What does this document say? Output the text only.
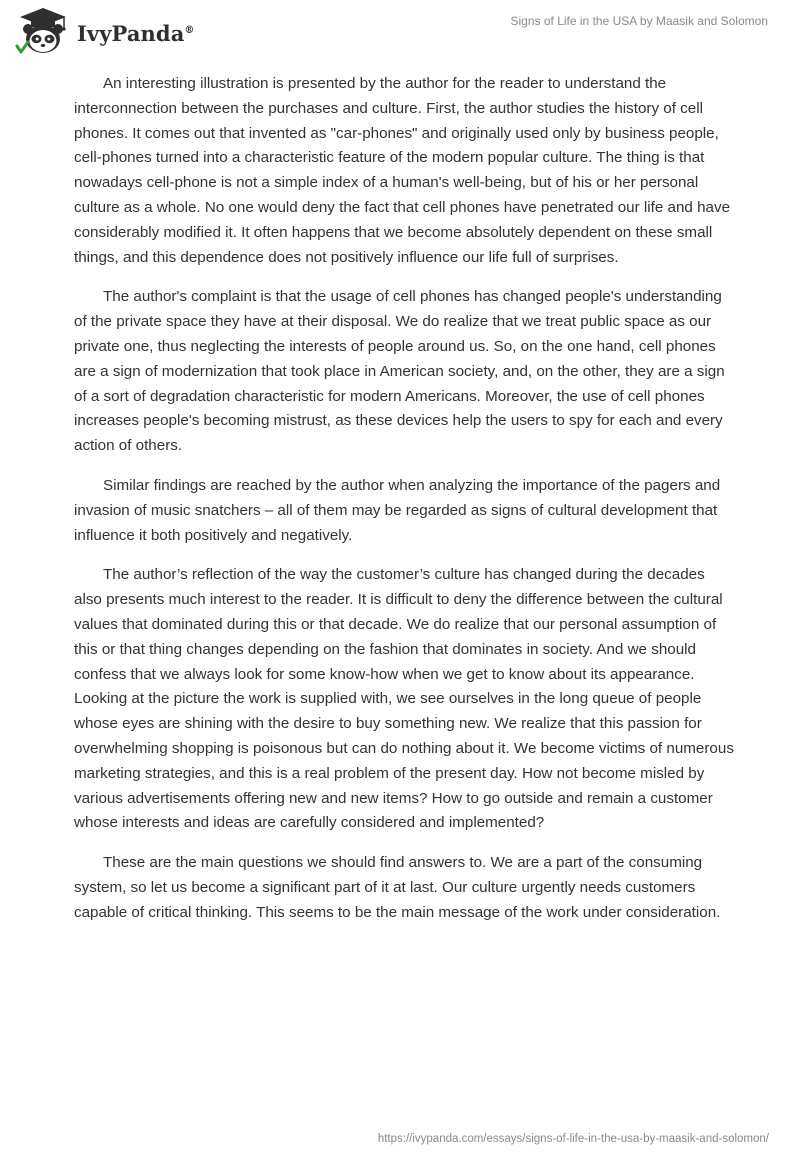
IvyPanda®
Signs of Life in the USA by Maasik and Solomon

An interesting illustration is presented by the author for the reader to understand the interconnection between the purchases and culture. First, the author studies the history of cell phones. It comes out that invented as "car-phones" and originally used only by business people, cell-phones turned into a characteristic feature of the modern popular culture. The thing is that nowadays cell-phone is not a simple index of a human's well-being, but of his or her personal culture as a whole. No one would deny the fact that cell phones have penetrated our life and have considerably modified it. It often happens that we become absolutely dependent on these small things, and this dependence does not positively influence our life full of surprises.

The author's complaint is that the usage of cell phones has changed people's understanding of the private space they have at their disposal. We do realize that we treat public space as our private one, thus neglecting the interests of people around us. So, on the one hand, cell phones are a sign of modernization that took place in American society, and, on the other, they are a sign of a sort of degradation characteristic for modern Americans. Moreover, the use of cell phones increases people's becoming mistrust, as these devices help the users to spy for each and every action of others.

Similar findings are reached by the author when analyzing the importance of the pagers and invasion of music snatchers – all of them may be regarded as signs of cultural development that influence it both positively and negatively.

The author’s reflection of the way the customer’s culture has changed during the decades also presents much interest to the reader. It is difficult to deny the difference between the cultural values that dominated during this or that decade. We do realize that our personal assumption of this or that thing changes depending on the fashion that dominates in society. And we should confess that we always look for some know-how when we get to know about its appearance. Looking at the picture the work is supplied with, we see ourselves in the long queue of people whose eyes are shining with the desire to buy something new. We realize that this passion for overwhelming shopping is poisonous but can do nothing about it. We become victims of numerous marketing strategies, and this is a real problem of the present day. How not become misled by various advertisements offering new and new items? How to go outside and remain a customer whose interests and ideas are carefully considered and implemented?

These are the main questions we should find answers to. We are a part of the consuming system, so let us become a significant part of it at last. Our culture urgently needs customers capable of critical thinking. This seems to be the main message of the work under consideration.

https://ivypanda.com/essays/signs-of-life-in-the-usa-by-maasik-and-solomon/
